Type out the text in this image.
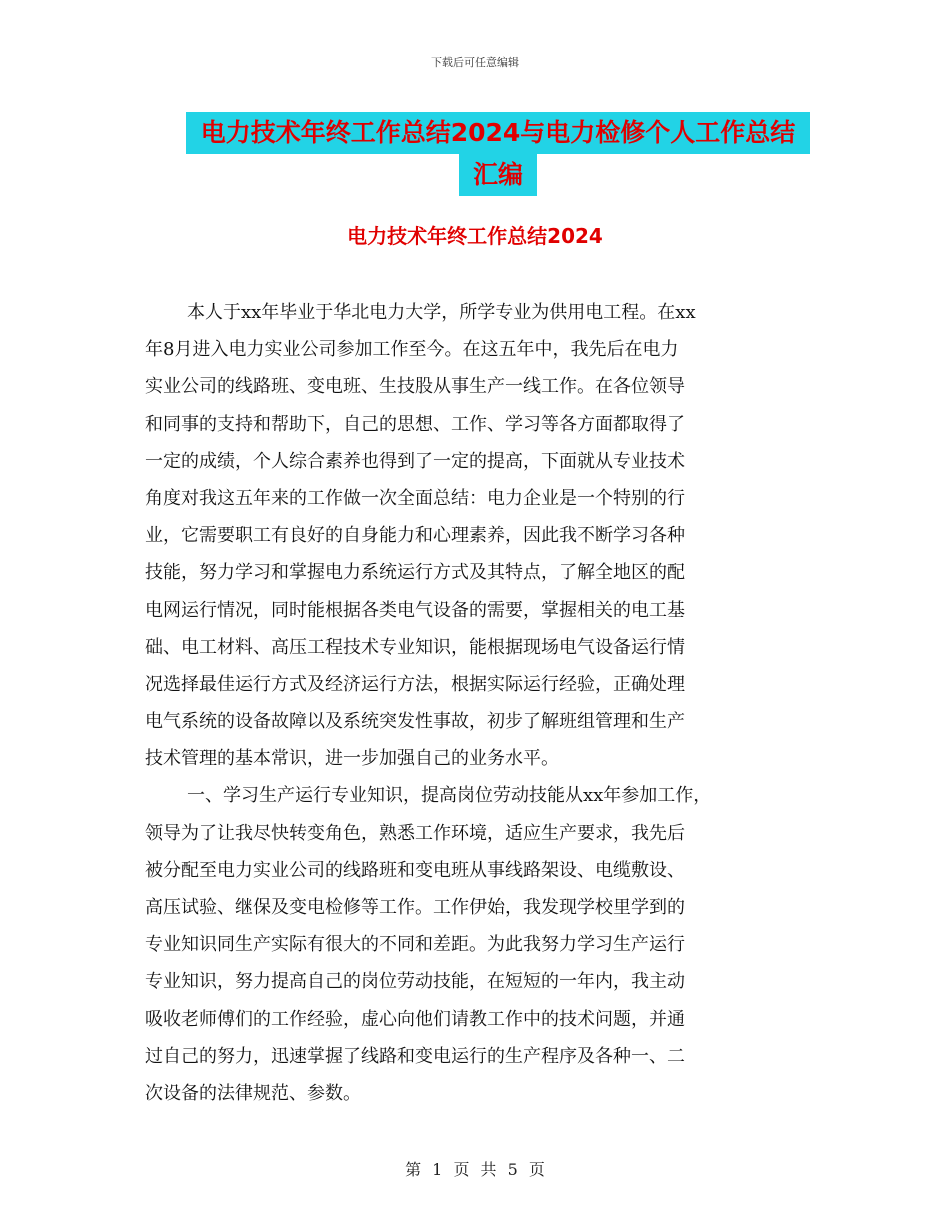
下载后可任意编辑
电力技术年终工作总结2024与电力检修个人工作总结
汇编
电力技术年终工作总结2024
本人于xx年毕业于华北电力大学，所学专业为供用电工程。在xx
年8月进入电力实业公司参加工作至今。在这五年中，我先后在电力
实业公司的线路班、变电班、生技股从事生产一线工作。在各位领导
和同事的支持和帮助下，自己的思想、工作、学习等各方面都取得了
一定的成绩，个人综合素养也得到了一定的提高，下面就从专业技术
角度对我这五年来的工作做一次全面总结：电力企业是一个特别的行
业，它需要职工有良好的自身能力和心理素养，因此我不断学习各种
技能，努力学习和掌握电力系统运行方式及其特点，了解全地区的配
电网运行情况，同时能根据各类电气设备的需要，掌握相关的电工基
础、电工材料、高压工程技术专业知识，能根据现场电气设备运行情
况选择最佳运行方式及经济运行方法，根据实际运行经验，正确处理
电气系统的设备故障以及系统突发性事故，初步了解班组管理和生产
技术管理的基本常识，进一步加强自己的业务水平。
一、学习生产运行专业知识，提高岗位劳动技能从xx年参加工作，
领导为了让我尽快转变角色，熟悉工作环境，适应生产要求，我先后
被分配至电力实业公司的线路班和变电班从事线路架设、电缆敷设、
高压试验、继保及变电检修等工作。工作伊始，我发现学校里学到的
专业知识同生产实际有很大的不同和差距。为此我努力学习生产运行
专业知识，努力提高自己的岗位劳动技能，在短短的一年内，我主动
吸收老师傅们的工作经验，虚心向他们请教工作中的技术问题，并通
过自己的努力，迅速掌握了线路和变电运行的生产程序及各种一、二
次设备的法律规范、参数。
第 1 页 共 5 页
